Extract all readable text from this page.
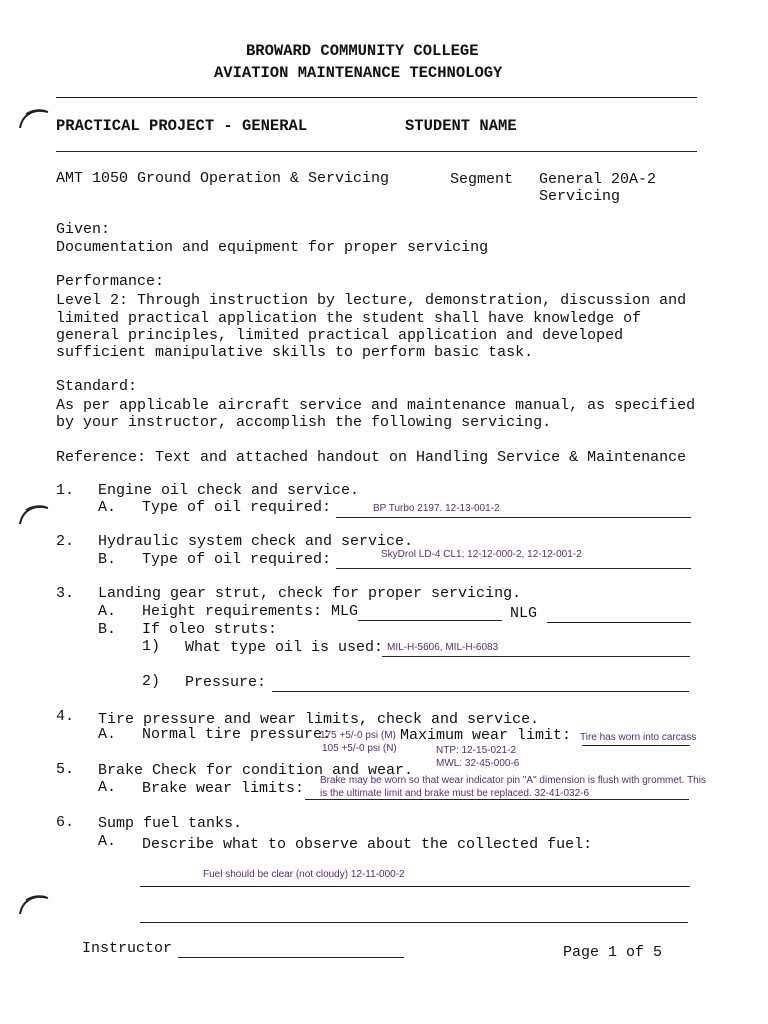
BROWARD COMMUNITY COLLEGE
AVIATION MAINTENANCE TECHNOLOGY
PRACTICAL PROJECT - GENERAL	STUDENT NAME
AMT 1050 Ground Operation & Servicing	Segment General 20A-2
Servicing
Given:
Documentation and equipment for proper servicing
Performance:
Level 2: Through instruction by lecture, demonstration, discussion and
limited practical application the student shall have knowledge of
general principles, limited practical application and developed
sufficient manipulative skills to perform basic task.
Standard:
As per applicable aircraft service and maintenance manual, as specified
by your instructor, accomplish the following servicing.
Reference: Text and attached handout on Handling Service & Maintenance
1. Engine oil check and service.
A. Type of oil required:	BP Turbo 2197. 12-13-001-2
2. Hydraulic system check and service.
B. Type of oil required:	SkyDrol LD-4 CL1; 12-12-000-2, 12-12-001-2
3. Landing gear strut, check for proper servicing.
A. Height requirements: MLG	NLG
B. If oleo struts:
1) What type oil is used: MIL-H-5606, MIL-H-6083
2) Pressure:
4. Tire pressure and wear limits, check and service.
A. Normal tire pressure:
175 +5/-0 psi (M) Maximum wear limit: Tire has worn into carcass
105 +5/-0 psi (N)	NTP: 12-15-021-2
MWL: 32-45-000-6
5. Brake Check for condition and wear.
A. Brake wear limits: Brake may be worn so that wear indicator pin "A" dimension is flush with grommet. This
is the ultimate limit and brake must be replaced. 32-41-032-6
6. Sump fuel tanks.
A. Describe what to observe about the collected fuel:
Fuel should be clear (not cloudy) 12-11-000-2
Instructor	Page 1 of 5
